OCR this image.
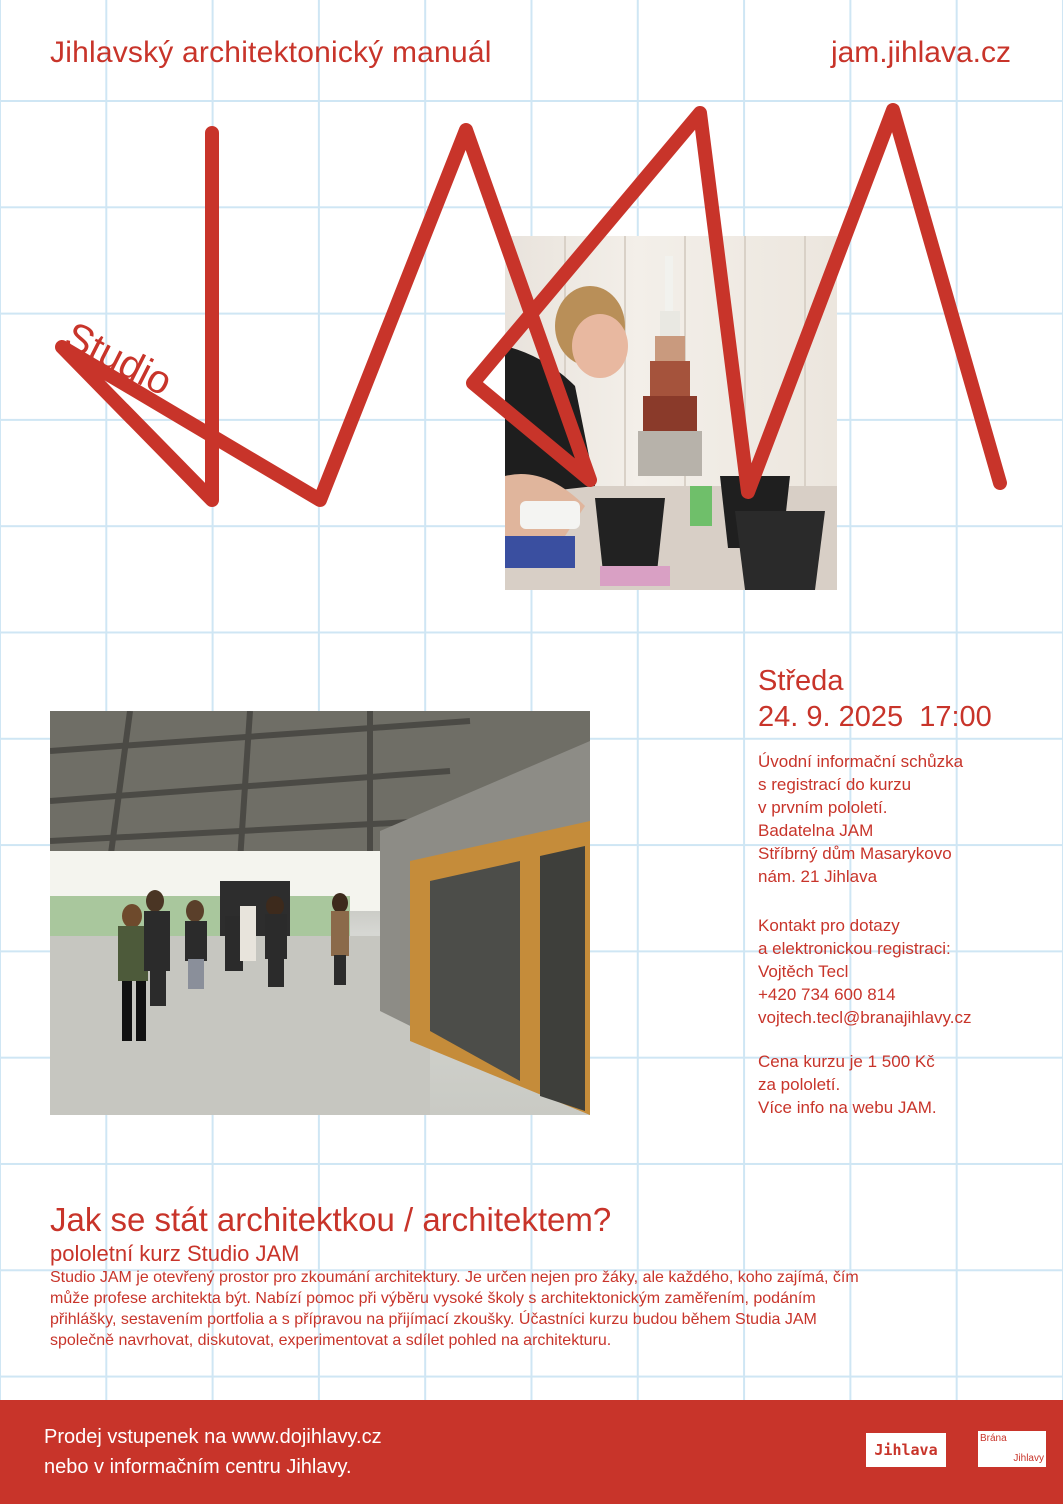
Jihlavský architektonický manuál	jam.jihlava.cz
Studio
Středa
24. 9. 2025  17:00
Úvodní informační schůzka
s registrací do kurzu
v prvním pololetí.
Badatelna JAM
Stříbrný dům Masarykovo
nám. 21 Jihlava
Kontakt pro dotazy
a elektronickou registraci:
Vojtěch Tecl
+420 734 600 814
vojtech.tecl@branajihlavy.cz
Cena kurzu je 1 500 Kč
za pololetí.
Více info na webu JAM.
Jak se stát architektkou / architektem?
pololetní kurz Studio JAM
Studio JAM je otevřený prostor pro zkoumání architektury. Je určen nejen pro žáky, ale každého, koho zajímá, čím
může profese architekta být. Nabízí pomoc při výběru vysoké školy s architektonickým zaměřením, podáním
přihlášky, sestavením portfolia a s přípravou na přijímací zkoušky. Účastníci kurzu budou během Studia JAM
společně navrhovat, diskutovat, experimentovat a sdílet pohled na architekturu.
Prodej vstupenek na www.dojihlavy.cz
nebo v informačním centru Jihlavy.
Jihlava
Brána
Jihlavy
